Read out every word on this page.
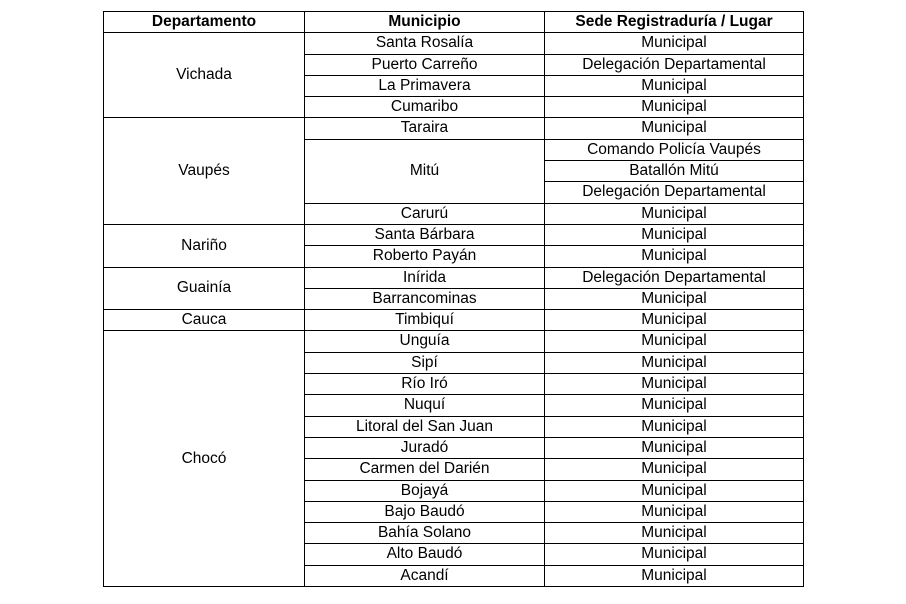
Departamento	Municipio	Sede Registraduría / Lugar
Vichada	Santa Rosalía	Municipal
	Puerto Carreño	Delegación Departamental
	La Primavera	Municipal
	Cumaribo	Municipal
Vaupés	Taraira	Municipal
	Mitú	Comando Policía Vaupés
		Batallón Mitú
		Delegación Departamental
	Carurú	Municipal
Nariño	Santa Bárbara	Municipal
	Roberto Payán	Municipal
Guainía	Inírida	Delegación Departamental
	Barrancominas	Municipal
Cauca	Timbiquí	Municipal
Chocó	Unguía	Municipal
	Sipí	Municipal
	Río Iró	Municipal
	Nuquí	Municipal
	Litoral del San Juan	Municipal
	Juradó	Municipal
	Carmen del Darién	Municipal
	Bojayá	Municipal
	Bajo Baudó	Municipal
	Bahía Solano	Municipal
	Alto Baudó	Municipal
	Acandí	Municipal
